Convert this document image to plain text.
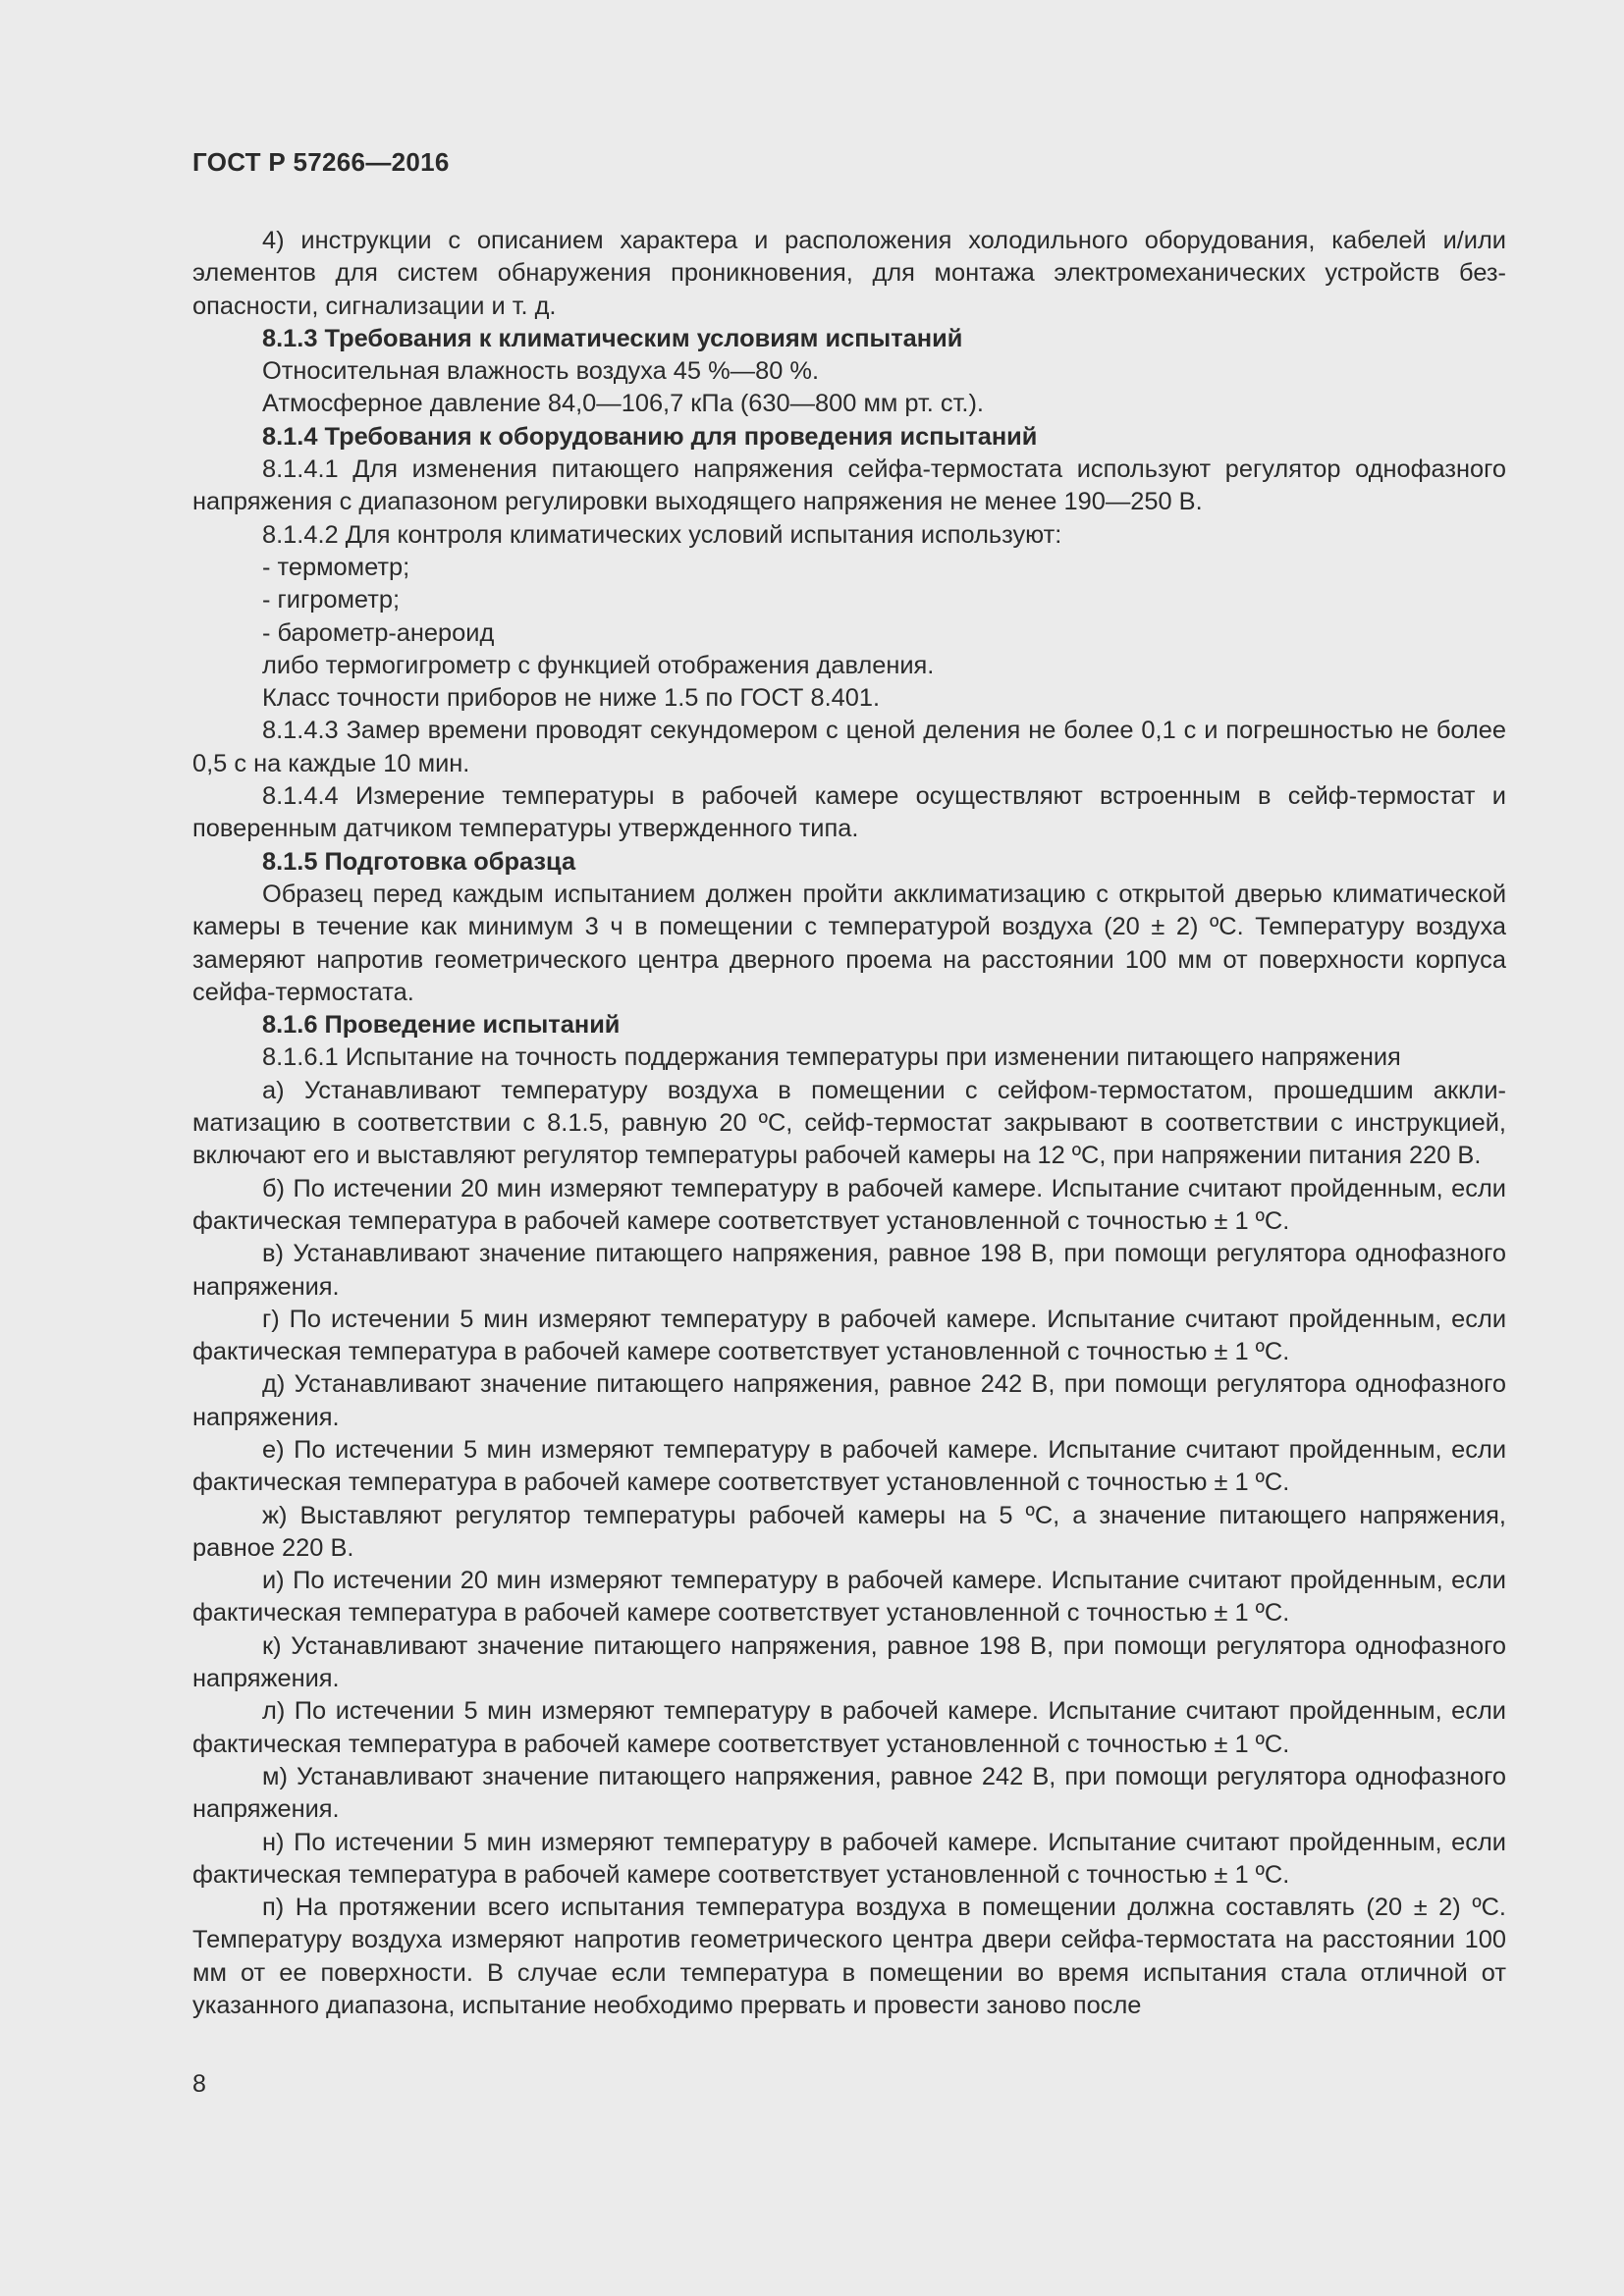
ГОСТ Р 57266—2016

4) инструкции с описанием характера и расположения холодильного оборудования, кабелей и/или элементов для систем обнаружения проникновения, для монтажа электромеханических устройств безопасности, сигнализации и т. д.

8.1.3 Требования к климатическим условиям испытаний

Относительная влажность воздуха 45 %—80 %.

Атмосферное давление 84,0—106,7 кПа (630—800 мм рт. ст.).

8.1.4 Требования к оборудованию для проведения испытаний

8.1.4.1 Для изменения питающего напряжения сейфа-термостата используют регулятор однофазного напряжения с диапазоном регулировки выходящего напряжения не менее 190—250 В.

8.1.4.2 Для контроля климатических условий испытания используют:

- термометр;

- гигрометр;

- барометр-анероид

либо термогигрометр с функцией отображения давления.

Класс точности приборов не ниже 1.5 по ГОСТ 8.401.

8.1.4.3 Замер времени проводят секундомером с ценой деления не более 0,1 с и погрешностью не более 0,5 с на каждые 10 мин.

8.1.4.4 Измерение температуры в рабочей камере осуществляют встроенным в сейф-термостат и поверенным датчиком температуры утвержденного типа.

8.1.5 Подготовка образца

Образец перед каждым испытанием должен пройти акклиматизацию с открытой дверью климатической камеры в течение как минимум 3 ч в помещении с температурой воздуха (20 ± 2) ºС. Температуру воздуха замеряют напротив геометрического центра дверного проема на расстоянии 100 мм от поверхности корпуса сейфа-термостата.

8.1.6 Проведение испытаний

8.1.6.1 Испытание на точность поддержания температуры при изменении питающего напряжения

а) Устанавливают температуру воздуха в помещении с сейфом-термостатом, прошедшим акклиматизацию в соответствии с 8.1.5, равную 20 ºС, сейф-термостат закрывают в соответствии с инструкцией, включают его и выставляют регулятор температуры рабочей камеры на 12 ºС, при напряжении питания 220 В.

б) По истечении 20 мин измеряют температуру в рабочей камере. Испытание считают пройденным, если фактическая температура в рабочей камере соответствует установленной с точностью ± 1 ºС.

в) Устанавливают значение питающего напряжения, равное 198 В, при помощи регулятора однофазного напряжения.

г) По истечении 5 мин измеряют температуру в рабочей камере. Испытание считают пройденным, если фактическая температура в рабочей камере соответствует установленной с точностью ± 1 ºС.

д) Устанавливают значение питающего напряжения, равное 242 В, при помощи регулятора однофазного напряжения.

е) По истечении 5 мин измеряют температуру в рабочей камере. Испытание считают пройденным, если фактическая температура в рабочей камере соответствует установленной с точностью ± 1 ºС.

ж) Выставляют регулятор температуры рабочей камеры на 5 ºС, а значение питающего напряжения, равное 220 В.

и) По истечении 20 мин измеряют температуру в рабочей камере. Испытание считают пройденным, если фактическая температура в рабочей камере соответствует установленной с точностью ± 1 ºС.

к) Устанавливают значение питающего напряжения, равное 198 В, при помощи регулятора однофазного напряжения.

л) По истечении 5 мин измеряют температуру в рабочей камере. Испытание считают пройденным, если фактическая температура в рабочей камере соответствует установленной с точностью ± 1 ºС.

м) Устанавливают значение питающего напряжения, равное 242 В, при помощи регулятора однофазного напряжения.

н) По истечении 5 мин измеряют температуру в рабочей камере. Испытание считают пройденным, если фактическая температура в рабочей камере соответствует установленной с точностью ± 1 ºС.

п) На протяжении всего испытания температура воздуха в помещении должна составлять (20 ± 2) ºС. Температуру воздуха измеряют напротив геометрического центра двери сейфа-термостата на расстоянии 100 мм от ее поверхности. В случае если температура в помещении во время испытания стала отличной от указанного диапазона, испытание необходимо прервать и провести заново после

8
